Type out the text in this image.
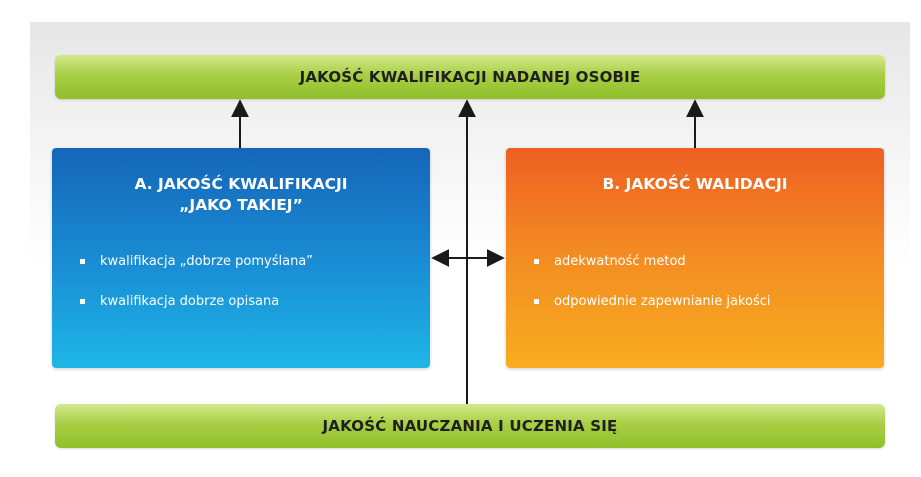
JAKOŚĆ KWALIFIKACJI NADANEJ OSOBIE
A. JAKOŚĆ KWALIFIKACJI
„JAKO TAKIEJ”
kwalifikacja „dobrze pomyślana”
kwalifikacja dobrze opisana
B. JAKOŚĆ WALIDACJI
adekwatność metod
odpowiednie zapewnianie jakości
JAKOŚĆ NAUCZANIA I UCZENIA SIĘ
